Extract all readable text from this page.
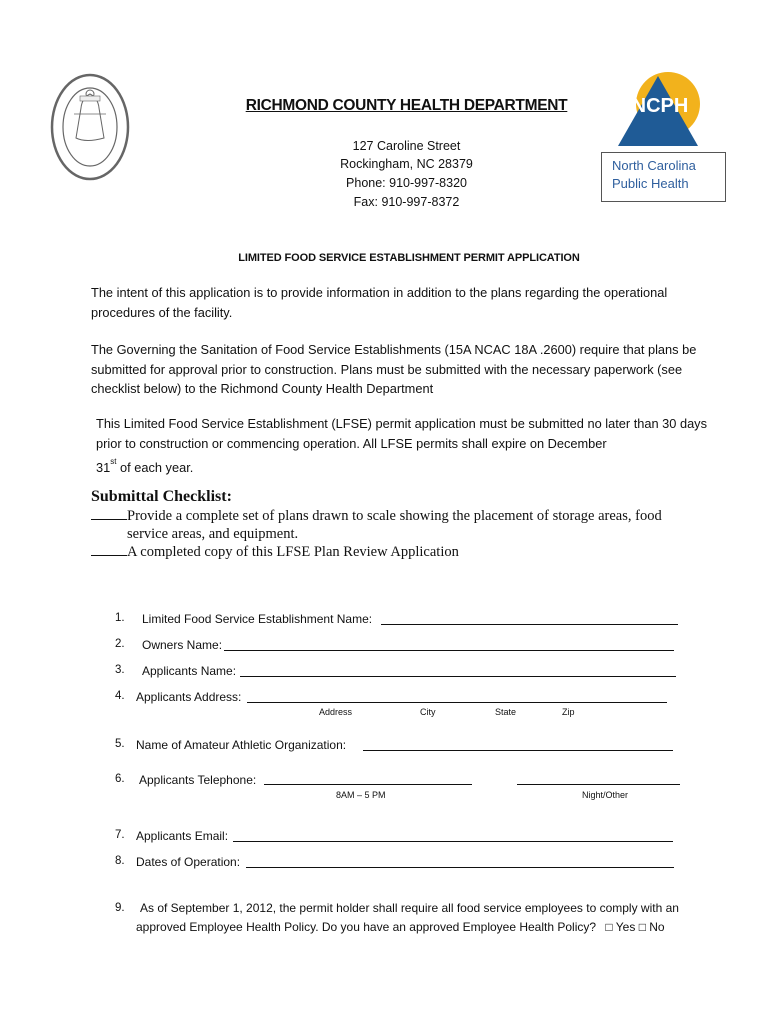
NCPH
North Carolina
Public Health
RICHMOND COUNTY HEALTH DEPARTMENT
127 Caroline Street
Rockingham, NC 28379
Phone: 910-997-8320
Fax: 910-997-8372
LIMITED FOOD SERVICE ESTABLISHMENT PERMIT APPLICATION
The intent of this application is to provide information in addition to the plans regarding the operational procedures of the facility.
The Governing the Sanitation of Food Service Establishments (15A NCAC 18A .2600) require that plans be submitted for approval prior to construction. Plans must be submitted with the necessary paperwork (see checklist below) to the Richmond County Health Department
This Limited Food Service Establishment (LFSE) permit application must be submitted no later than 30 days prior to construction or commencing operation. All LFSE permits shall expire on December
31st of each year.
Submittal Checklist:
Provide a complete set of plans drawn to scale showing the placement of storage areas, food
service areas, and equipment.
A completed copy of this LFSE Plan Review Application
1. Limited Food Service Establishment Name:
2. Owners Name:
3. Applicants Name:
4. Applicants Address:
Address	City	State	Zip
5. Name of Amateur Athletic Organization:
6. Applicants Telephone:
8AM – 5 PM	Night/Other
7. Applicants Email:
8. Dates of Operation:
9.	As of September 1, 2012, the permit holder shall require all food service employees to comply with an
approved Employee Health Policy. Do you have an approved Employee Health Policy? □ Yes □ No
